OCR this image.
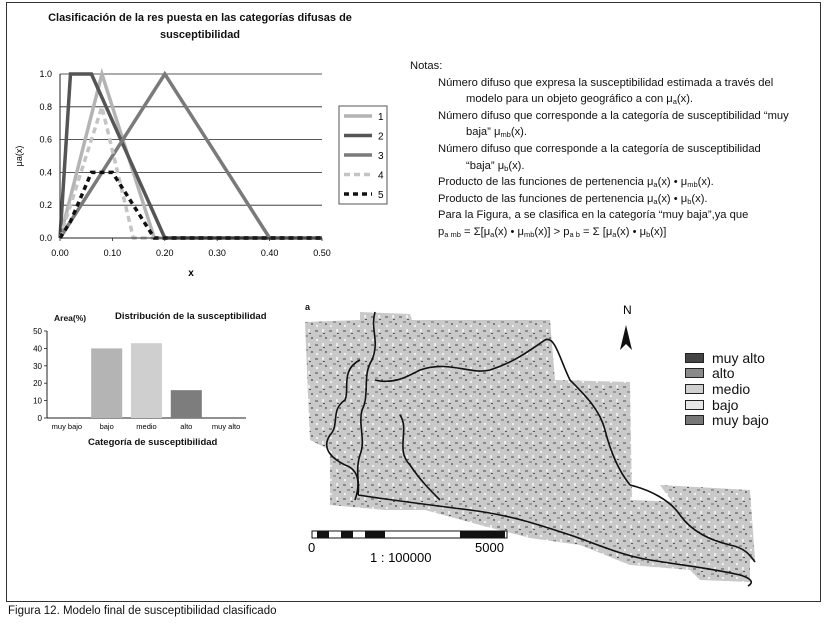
Clasificación de la res puesta en las categorías difusas de
susceptibilidad
0.0
0.2
0.4
0.6
0.8
1.0
0.00	0.10	0.20	0.30	0.40	0.50
x
μa(x)
1
2
3
4
5
Notas:
Número difuso que expresa la susceptibilidad estimada a través del
modelo para un objeto geográfico a con $\mu_a(x)$.
Número difuso que corresponde a la categoría de susceptibilidad “muy
baja” $\mu_{mb}(x)$.
Número difuso que corresponde a la categoría de susceptibilidad
“baja” $\mu_b(x)$.
Producto de las funciones de pertenencia $\mu_a(x)$ • $\mu_{mb}(x)$.
Producto de las funciones de pertenencia $\mu_a(x)$ • $\mu_b(x)$.
Para la Figura, a se clasifica en la categoría “muy baja”,ya que
$p_{a mb} = \Sigma[\mu_a(x)$ • $\mu_{mb}(x)] > p_{a b} = \Sigma$ [$\mu_a(x)$ • $\mu_b(x)$]
Distribución de la susceptibilidad
Area(%)
Categoría de susceptibilidad
0
10
20
30
40
50
muy bajo bajo	medio	alto	muy alto
a	N
0	5000
1 : 100000
muy alto
alto
medio
bajo
muy bajo
Figura 12. Modelo final de susceptibilidad clasificado
